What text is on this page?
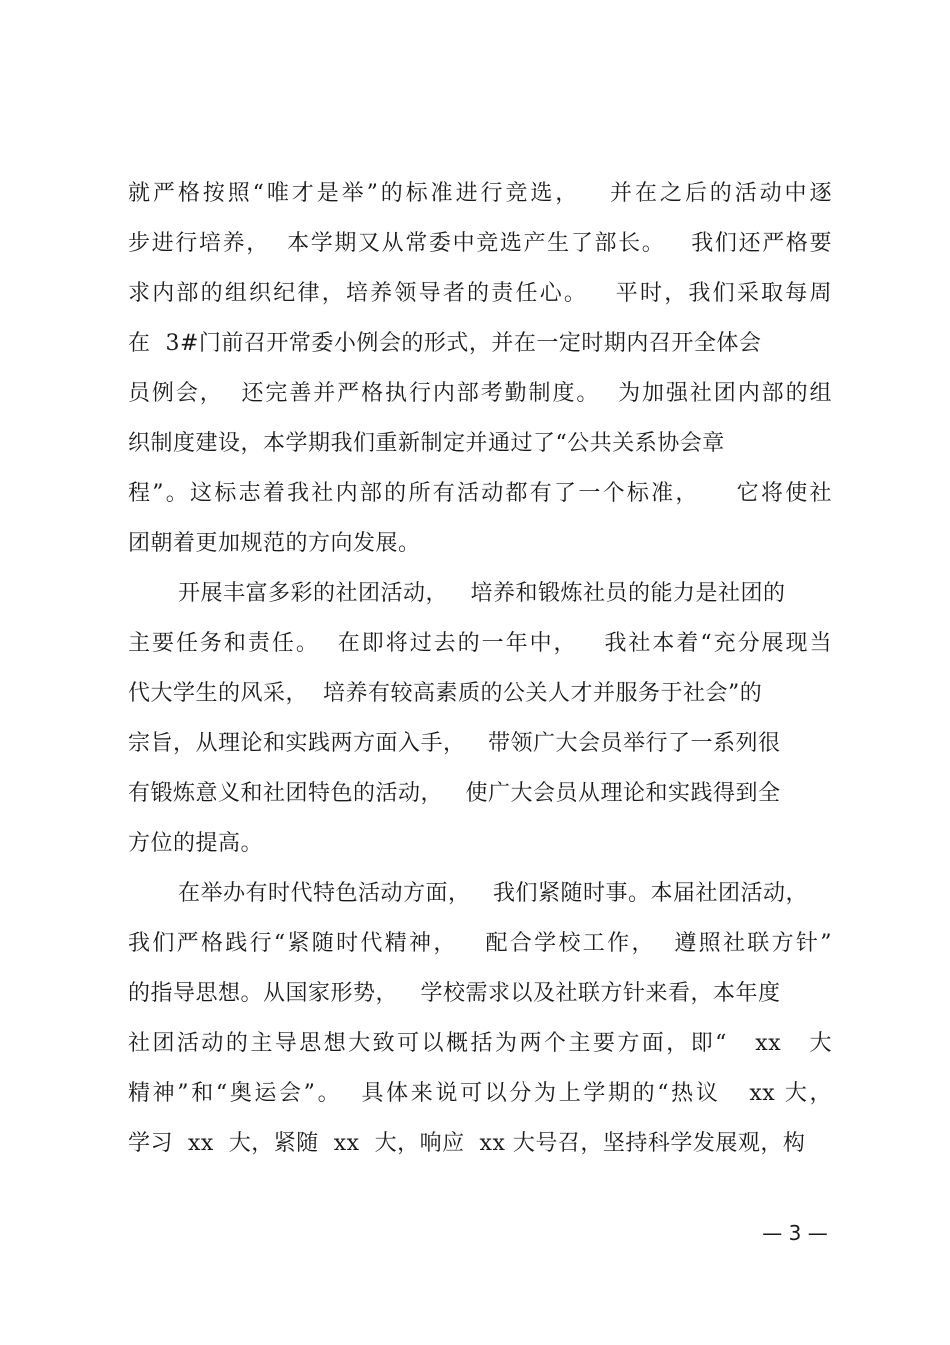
就严格按照“唯才是举”的标准进行竞选，   并在之后的活动中逐
步进行培养，  本学期又从常委中竞选产生了部长。   我们还严格要
求内部的组织纪律，培养领导者的责任心。   平时，我们采取每周
在  3#门前召开常委小例会的形式，并在一定时期内召开全体会
员例会，  还完善并严格执行内部考勤制度。  为加强社团内部的组
织制度建设，本学期我们重新制定并通过了“公共关系协会章
程”。这标志着我社内部的所有活动都有了一个标准，    它将使社
团朝着更加规范的方向发展。
开展丰富多彩的社团活动，   培养和锻炼社员的能力是社团的
主要任务和责任。  在即将过去的一年中，   我社本着“充分展现当
代大学生的风采，  培养有较高素质的公关人才并服务于社会”的
宗旨，从理论和实践两方面入手，   带领广大会员举行了一系列很
有锻炼意义和社团特色的活动，   使广大会员从理论和实践得到全
方位的提高。
在举办有时代特色活动方面，   我们紧随时事。本届社团活动，
我们严格践行“紧随时代精神，   配合学校工作，  遵照社联方针”
的指导思想。从国家形势，   学校需求以及社联方针来看，本年度
社团活动的主导思想大致可以概括为两个主要方面，即“   xx   大
精神”和“奥运会”。  具体来说可以分为上学期的“热议   xx 大，
学习  xx  大，紧随  xx  大，响应  xx 大号召，坚持科学发展观，构
— 3 —
